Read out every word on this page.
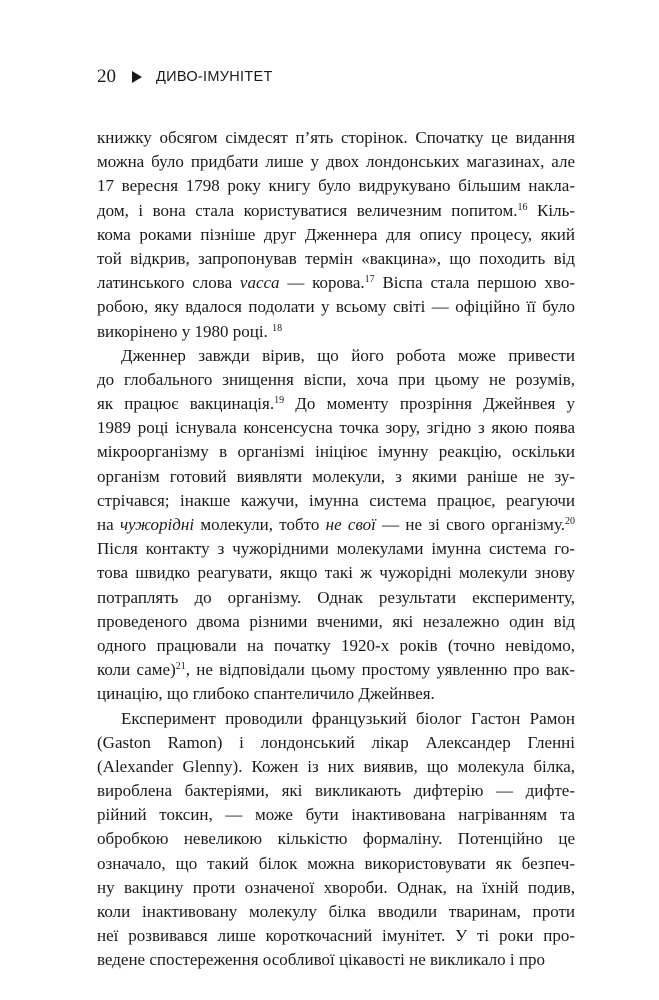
20	ДИВО-ІМУНІТЕТ
книжку обсягом сімдесят п’ять сторінок. Спочатку це видання
можна було придбати лише у двох лондонських магазинах, але
17 вересня 1798 року книгу було видрукувано більшим накла-
дом, і вона стала користуватися величезним попитом.$^{16}$ Кіль-
кома роками пізніше друг Дженнера для опису процесу, який
той відкрив, запропонував термін «вакцина», що походить від
латинського слова vacca — корова.$^{17}$ Віспа стала першою хво-
робою, яку вдалося подолати у всьому світі — офіційно її було
викорінено у 1980 році. $^{18}$
Дженнер завжди вірив, що його робота може привести
до глобального знищення віспи, хоча при цьому не розумів,
як працює вакцинація.$^{19}$ До моменту прозріння Джейнвея у
1989 році існувала консенсусна точка зору, згідно з якою поява
мікроорганізму в організмі ініціює імунну реакцію, оскільки
організм готовий виявляти молекули, з якими раніше не зу-
стрічався; інакше кажучи, імунна система працює, реагуючи
на чужорідні молекули, тобто не свої — не зі свого організму.$^{20}$
Після контакту з чужорідними молекулами імунна система го-
това швидко реагувати, якщо такі ж чужорідні молекули знову
потраплять до організму. Однак результати експерименту,
проведеного двома різними вченими, які незалежно один від
одного працювали на початку 1920-х років (точно невідомо,
коли саме)$^{21}$, не відповідали цьому простому уявленню про вак-
цинацію, що глибоко спантеличило Джейнвея.
Експеримент проводили французький біолог Гастон Рамон
(Gaston Ramon) і лондонський лікар Александер Гленні
(Alexander Glenny). Кожен із них виявив, що молекула білка,
вироблена бактеріями, які викликають дифтерію — дифте-
рійний токсин, — може бути інактивована нагріванням та
обробкою невеликою кількістю формаліну. Потенційно це
означало, що такий білок можна використовувати як безпеч-
ну вакцину проти означеної хвороби. Однак, на їхній подив,
коли інактивовану молекулу білка вводили тваринам, проти
неї розвивався лише короткочасний імунітет. У ті роки про-
ведене спостереження особливої цікавості не викликало і про
